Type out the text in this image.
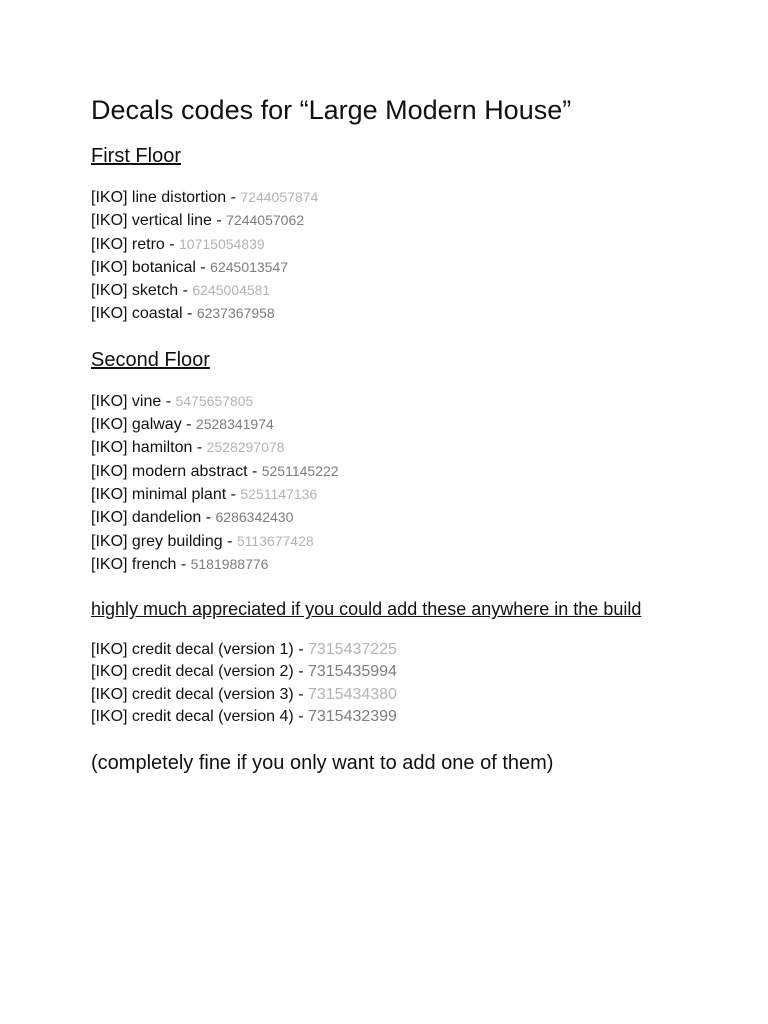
Decals codes for “Large Modern House”
First Floor
[IKO] line distortion - 7244057874
[IKO] vertical line - 7244057062
[IKO] retro - 10715054839
[IKO] botanical - 6245013547
[IKO] sketch - 6245004581
[IKO] coastal - 6237367958
Second Floor
[IKO] vine - 5475657805
[IKO] galway - 2528341974
[IKO] hamilton - 2528297078
[IKO] modern abstract - 5251145222
[IKO] minimal plant - 5251147136
[IKO] dandelion - 6286342430
[IKO] grey building - 5113677428
[IKO] french - 5181988776
highly much appreciated if you could add these anywhere in the build
[IKO] credit decal (version 1) - 7315437225
[IKO] credit decal (version 2) - 7315435994
[IKO] credit decal (version 3) - 7315434380
[IKO] credit decal (version 4) - 7315432399
(completely fine if you only want to add one of them)
